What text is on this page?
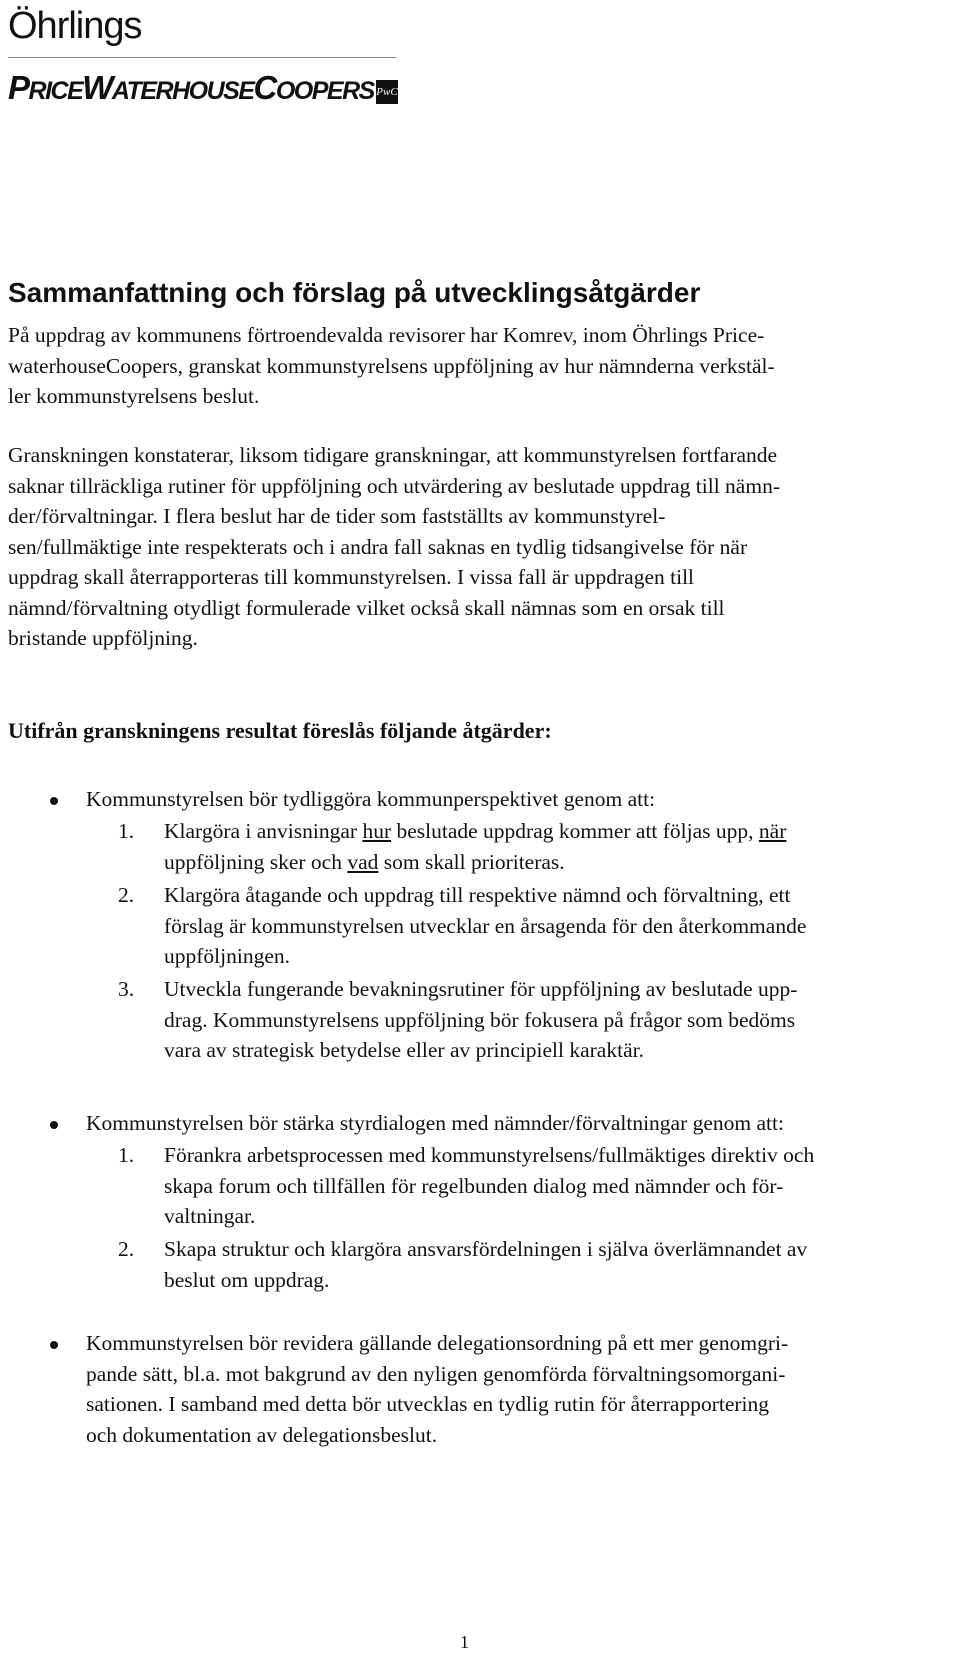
Öhrlings
PRICEWATERHOUSECOOPERS PwC
Sammanfattning och förslag på utvecklingsåtgärder
På uppdrag av kommunens förtroendevalda revisorer har Komrev, inom Öhrlings Price-
waterhouseCoopers, granskat kommunstyrelsens uppföljning av hur nämnderna verkstäl-
ler kommunstyrelsens beslut.
Granskningen konstaterar, liksom tidigare granskningar, att kommunstyrelsen fortfarande
saknar tillräckliga rutiner för uppföljning och utvärdering av beslutade uppdrag till nämn-
der/förvaltningar. I flera beslut har de tider som fastställts av kommunstyrel-
sen/fullmäktige inte respekterats och i andra fall saknas en tydlig tidsangivelse för när
uppdrag skall återrapporteras till kommunstyrelsen. I vissa fall är uppdragen till
nämnd/förvaltning otydligt formulerade vilket också skall nämnas som en orsak till
bristande uppföljning.
Utifrån granskningens resultat föreslås följande åtgärder:
Kommunstyrelsen bör tydliggöra kommunperspektivet genom att:
1. Klargöra i anvisningar hur beslutade uppdrag kommer att följas upp, när
uppföljning sker och vad som skall prioriteras.
2. Klargöra åtagande och uppdrag till respektive nämnd och förvaltning, ett
förslag är kommunstyrelsen utvecklar en årsagenda för den återkommande
uppföljningen.
3. Utveckla fungerande bevakningsrutiner för uppföljning av beslutade upp-
drag. Kommunstyrelsens uppföljning bör fokusera på frågor som bedöms
vara av strategisk betydelse eller av principiell karaktär.
Kommunstyrelsen bör stärka styrdialogen med nämnder/förvaltningar genom att:
1. Förankra arbetsprocessen med kommunstyrelsens/fullmäktiges direktiv och
skapa forum och tillfällen för regelbunden dialog med nämnder och för-
valtningar.
2. Skapa struktur och klargöra ansvarsfördelningen i själva överlämnandet av
beslut om uppdrag.
Kommunstyrelsen bör revidera gällande delegationsordning på ett mer genomgri-
pande sätt, bl.a. mot bakgrund av den nyligen genomförda förvaltningsomorgani-
sationen. I samband med detta bör utvecklas en tydlig rutin för återrapportering
och dokumentation av delegationsbeslut.
1
